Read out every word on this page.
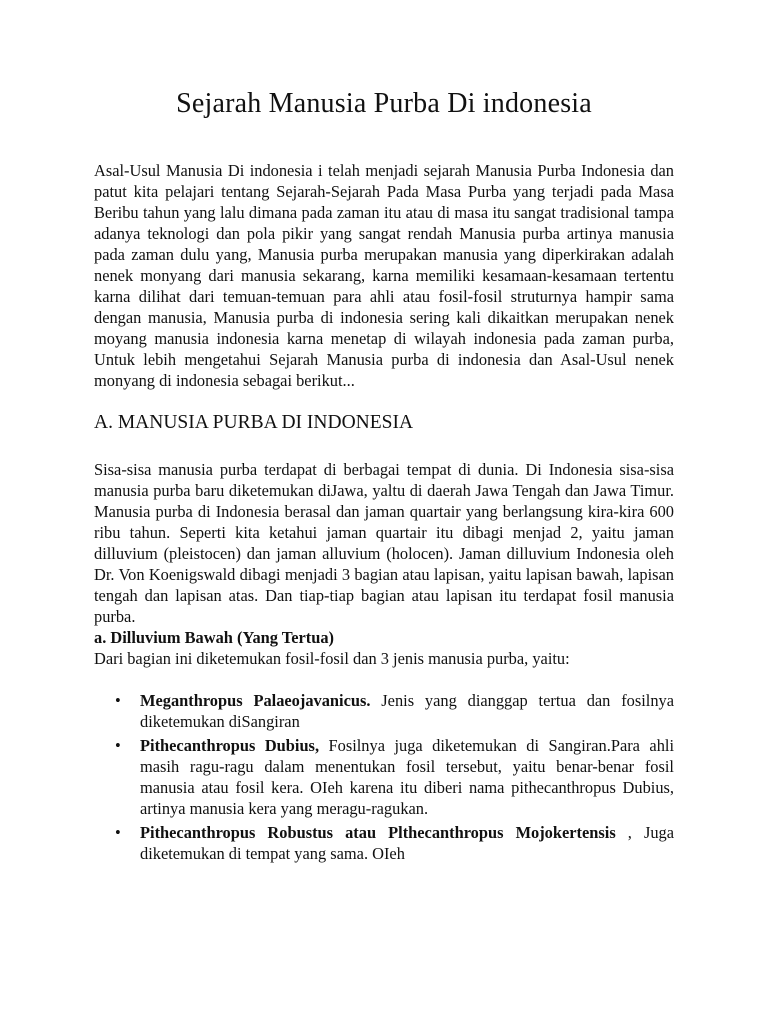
Sejarah Manusia Purba Di indonesia

Asal-Usul Manusia Di indonesia i telah menjadi sejarah Manusia Purba Indonesia dan patut kita pelajari tentang Sejarah-Sejarah Pada Masa Purba yang terjadi pada Masa Beribu tahun yang lalu dimana pada zaman itu atau di masa itu sangat tradisional tampa adanya teknologi dan pola pikir yang sangat rendah Manusia purba artinya manusia pada zaman dulu yang, Manusia purba merupakan manusia yang diperkirakan adalah nenek monyang dari manusia sekarang, karna memiliki kesamaan-kesamaan tertentu karna dilihat dari temuan-temuan para ahli atau fosil-fosil struturnya hampir sama dengan manusia, Manusia purba di indonesia sering kali dikaitkan merupakan nenek moyang manusia indonesia karna menetap di wilayah indonesia pada zaman purba, Untuk lebih mengetahui Sejarah Manusia purba di indonesia dan Asal-Usul nenek monyang di indonesia sebagai berikut...

A. MANUSIA PURBA DI INDONESIA

Sisa-sisa manusia purba terdapat di berbagai tempat di dunia. Di Indonesia sisa-sisa manusia purba baru diketemukan diJawa, yaltu di daerah Jawa Tengah dan Jawa Timur. Manusia purba di Indonesia berasal dan jaman quartair yang berlangsung kira-kira 600 ribu tahun. Seperti kita ketahui jaman quartair itu dibagi menjad 2, yaitu jaman dilluvium (pleistocen) dan jaman alluvium (holocen). Jaman dilluvium Indonesia oleh Dr. Von Koenigswald dibagi menjadi 3 bagian atau lapisan, yaitu lapisan bawah, lapisan tengah dan lapisan atas. Dan tiap-tiap bagian atau lapisan itu terdapat fosil manusia purba.

a. Dilluvium Bawah (Yang Tertua)

Dari bagian ini diketemukan fosil-fosil dan 3 jenis manusia purba, yaitu:

• Meganthropus Palaeojavanicus. Jenis yang dianggap tertua dan fosilnya diketemukan diSangiran
• Pithecanthropus Dubius, Fosilnya juga diketemukan di Sangiran.Para ahli masih ragu-ragu dalam menentukan fosil tersebut, yaitu benar-benar fosil manusia atau fosil kera. OIeh karena itu diberi nama pithecanthropus Dubius, artinya manusia kera yang meragu-ragukan.
• Pithecanthropus Robustus atau Plthecanthropus Mojokertensis , Juga diketemukan di tempat yang sama. OIeh
